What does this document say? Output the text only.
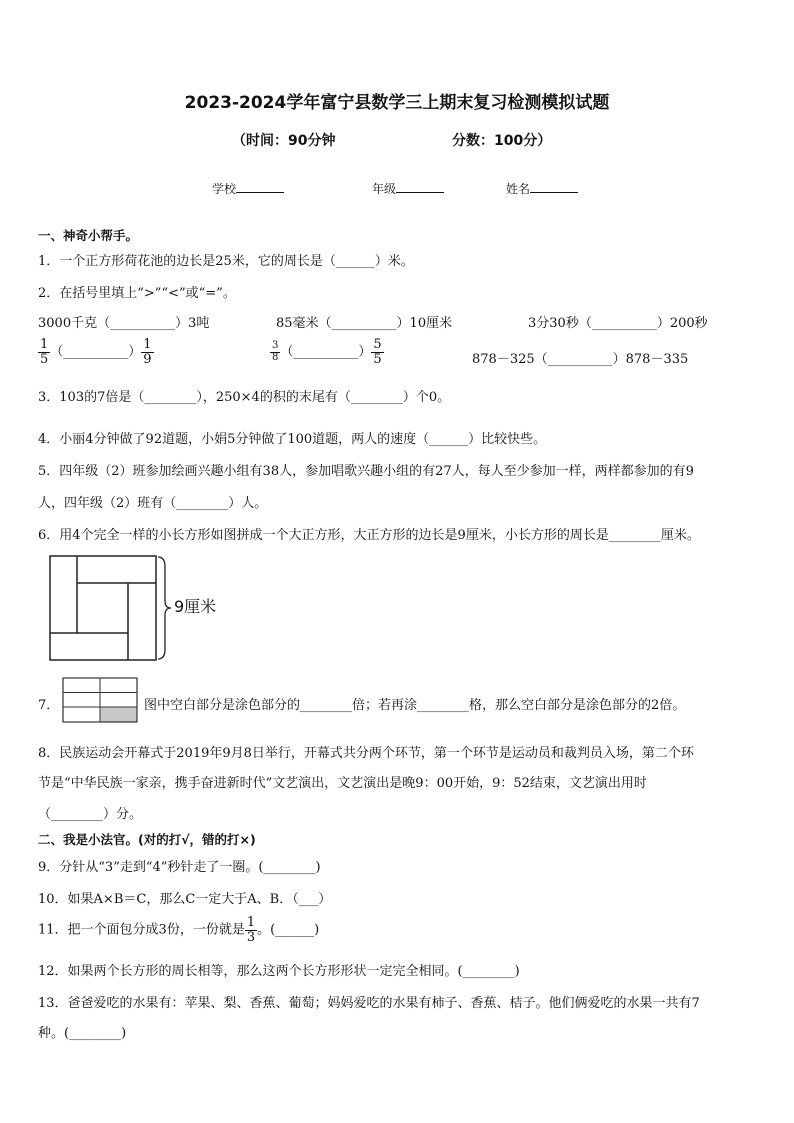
2023-2024学年富宁县数学三上期末复习检测模拟试题
（时间：90分钟	分数：100分）
学校	年级	姓名
一、神奇小帮手。
1．一个正方形荷花池的边长是25米，它的周长是（______）米。
2．在括号里填上“>”“<”或“=”。
3000千克（__________）3吨	85毫米（__________）10厘米	3分30秒（__________）200秒
$\frac{1}{5}$ （__________） $\frac{1}{9}$	$\frac{3}{8}$ （__________） $\frac{5}{5}$	878－325（__________）878－335
3．103的7倍是（________），250×4的积的末尾有（________）个0。
4．小丽4分钟做了92道题，小娟5分钟做了100道题，两人的速度（______）比较快些。
5．四年级（2）班参加绘画兴趣小组有38人，参加唱歌兴趣小组的有27人，每人至少参加一样，两样都参加的有9
人，四年级（2）班有（________）人。
6．用4个完全一样的小长方形如图拼成一个大正方形，大正方形的边长是9厘米，小长方形的周长是________厘米。
9厘米
7．	图中空白部分是涂色部分的________倍；若再涂________格，那么空白部分是涂色部分的2倍。
8．民族运动会开幕式于2019年9月8日举行，开幕式共分两个环节，第一个环节是运动员和裁判员入场，第二个环
节是“中华民族一家亲，携手奋进新时代”文艺演出，文艺演出是晚9：00开始，9：52结束，文艺演出用时
（________）分。
二、我是小法官。(对的打√，错的打×)
9．分针从“3”走到“4”秒针走了一圈。(________)
10．如果A×B＝C，那么C一定大于A、B．（___）
11．把一个面包分成3份，一份就是 $\frac{1}{3}$ 。(______)
12．如果两个长方形的周长相等，那么这两个长方形形状一定完全相同。(________)
13．爸爸爱吃的水果有：苹果、梨、香蕉、葡萄；妈妈爱吃的水果有柿子、香蕉、桔子。他们俩爱吃的水果一共有7
种。(________)
